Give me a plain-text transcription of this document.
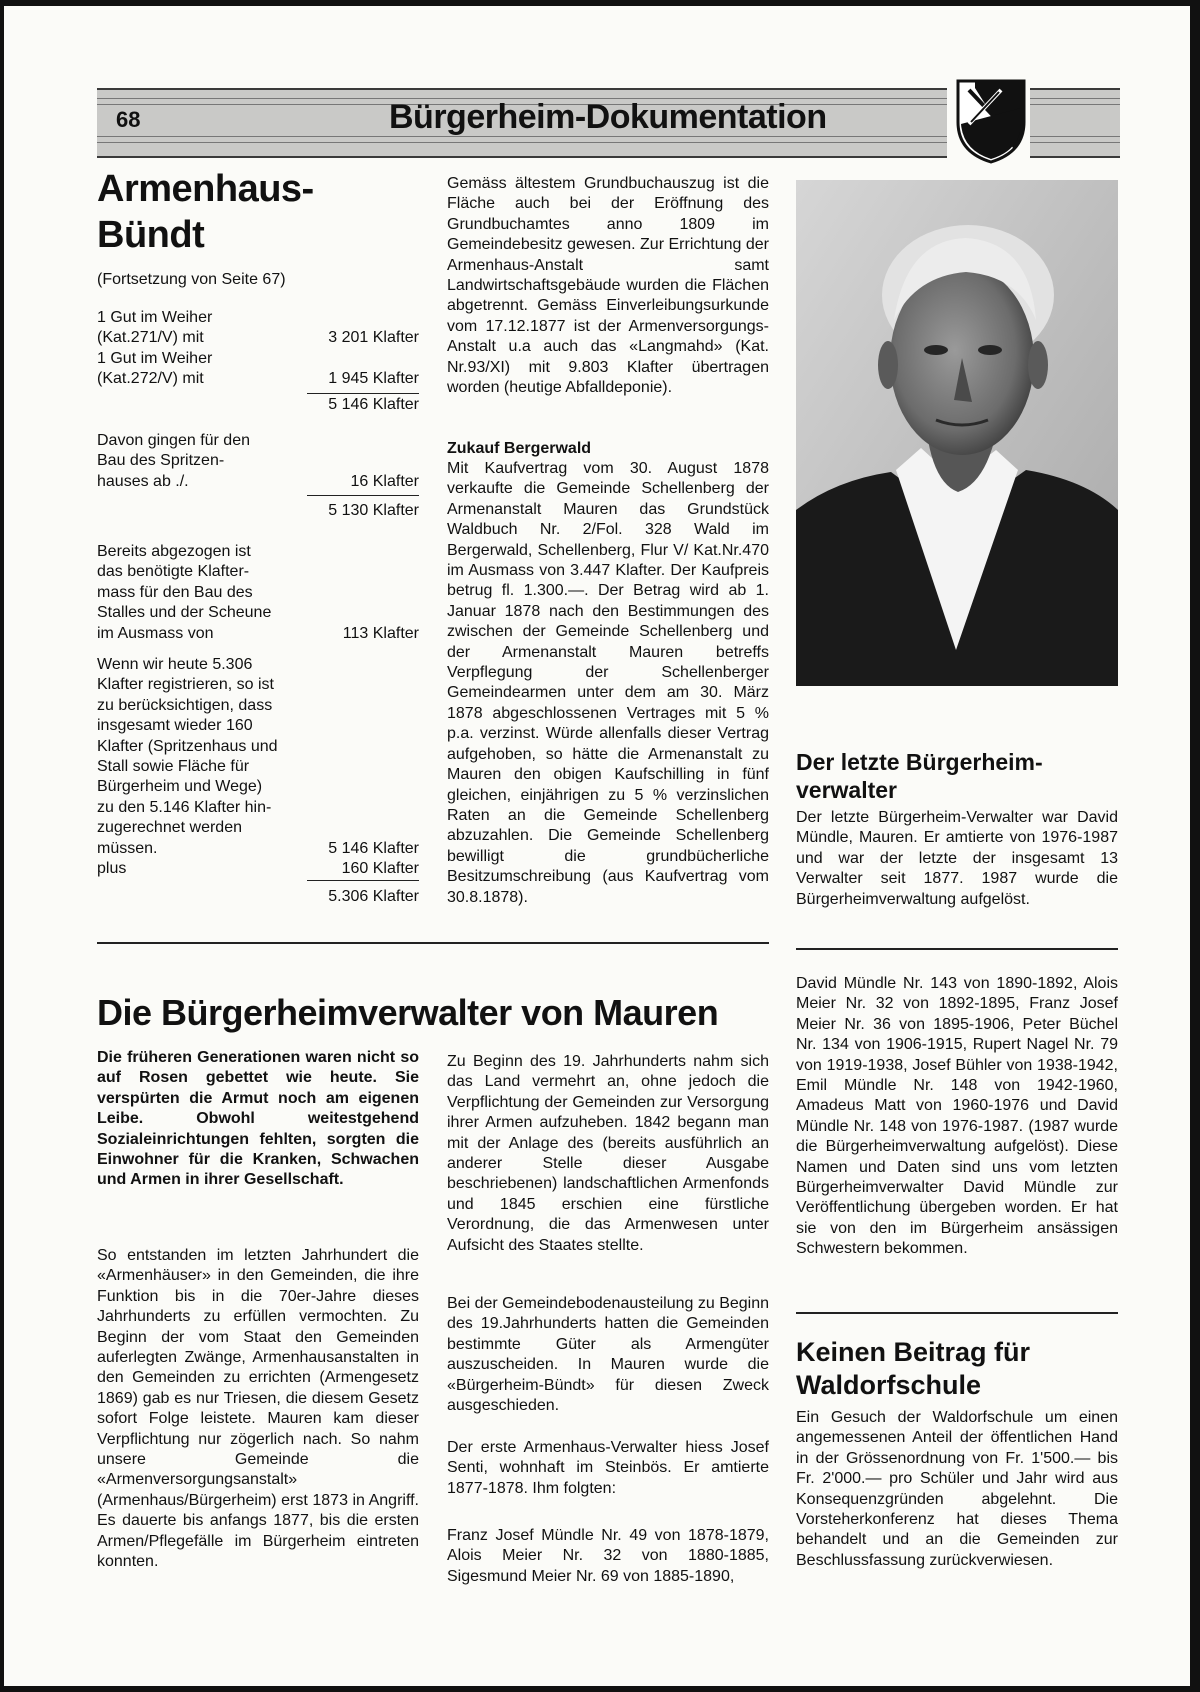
68	Bürgerheim-Dokumentation
Armenhaus-
Bündt
(Fortsetzung von Seite 67)
1 Gut im Weiher
(Kat.271/V) mit	3 201 Klafter
1 Gut im Weiher
(Kat.272/V) mit	1 945 Klafter
5 146 Klafter
Davon gingen für den
Bau des Spritzen-
hauses ab ./.	16 Klafter
5 130 Klafter
Bereits abgezogen ist
das benötigte Klafter-
mass für den Bau des
Stalles und der Scheune
im Ausmass von	113 Klafter
Wenn wir heute 5.306
Klafter registrieren, so ist
zu berücksichtigen, dass
insgesamt wieder 160
Klafter (Spritzenhaus und
Stall sowie Fläche für
Bürgerheim und Wege)
zu den 5.146 Klafter hin-
zugerechnet werden
müssen.	5 146 Klafter
plus	160 Klafter
5.306 Klafter
Gemäss ältestem Grundbuchauszug ist die Fläche auch bei der Eröffnung des Grundbuchamtes anno 1809 im Gemeindebesitz gewesen. Zur Errichtung der Armenhaus-Anstalt samt Landwirtschaftsgebäude wurden die Flächen abgetrennt. Gemäss Einverleibungsurkunde vom 17.12.1877 ist der Armenversorgungs-Anstalt u.a auch das «Langmahd» (Kat. Nr.93/XI) mit 9.803 Klafter übertragen worden (heutige Abfalldeponie).
Zukauf Bergerwald
Mit Kaufvertrag vom 30. August 1878 verkaufte die Gemeinde Schellenberg der Armenanstalt Mauren das Grundstück Waldbuch Nr. 2/Fol. 328 Wald im Bergerwald, Schellenberg, Flur V/ Kat.Nr.470 im Ausmass von 3.447 Klafter. Der Kaufpreis betrug fl. 1.300.—. Der Betrag wird ab 1. Januar 1878 nach den Bestimmungen des zwischen der Gemeinde Schellenberg und der Armenanstalt Mauren betreffs Verpflegung der Schellenberger Gemeindearmen unter dem am 30. März 1878 abgeschlossenen Vertrages mit 5 % p.a. verzinst. Würde allenfalls dieser Vertrag aufgehoben, so hätte die Armenanstalt zu Mauren den obigen Kaufschilling in fünf gleichen, einjährigen zu 5 % verzinslichen Raten an die Gemeinde Schellenberg abzuzahlen. Die Gemeinde Schellenberg bewilligt die grundbücherliche Besitzumschreibung (aus Kaufvertrag vom 30.8.1878).
Der letzte Bürgerheim-verwalter
Der letzte Bürgerheim-Verwalter war David Mündle, Mauren. Er amtierte von 1976-1987 und war der letzte der insgesamt 13 Verwalter seit 1877. 1987 wurde die Bürgerheimverwaltung aufgelöst.
Die Bürgerheimverwalter von Mauren
Die früheren Generationen waren nicht so auf Rosen gebettet wie heute. Sie verspürten die Armut noch am eigenen Leibe. Obwohl weitestgehend Sozialeinrichtungen fehlten, sorgten die Einwohner für die Kranken, Schwachen und Armen in ihrer Gesellschaft.
So entstanden im letzten Jahrhundert die «Armenhäuser» in den Gemeinden, die ihre Funktion bis in die 70er-Jahre dieses Jahrhunderts zu erfüllen vermochten. Zu Beginn der vom Staat den Gemeinden auferlegten Zwänge, Armenhausanstalten in den Gemeinden zu errichten (Armengesetz 1869) gab es nur Triesen, die diesem Gesetz sofort Folge leistete. Mauren kam dieser Verpflichtung nur zögerlich nach. So nahm unsere Gemeinde die «Armenversorgungsanstalt» (Armenhaus/Bürgerheim) erst 1873 in Angriff. Es dauerte bis anfangs 1877, bis die ersten Armen/Pflegefälle im Bürgerheim eintreten konnten.
Zu Beginn des 19. Jahrhunderts nahm sich das Land vermehrt an, ohne jedoch die Verpflichtung der Gemeinden zur Versorgung ihrer Armen aufzuheben. 1842 begann man mit der Anlage des (bereits ausführlich an anderer Stelle dieser Ausgabe beschriebenen) landschaftlichen Armenfonds und 1845 erschien eine fürstliche Verordnung, die das Armenwesen unter Aufsicht des Staates stellte.
Bei der Gemeindebodenausteilung zu Beginn des 19.Jahrhunderts hatten die Gemeinden bestimmte Güter als Armengüter auszuscheiden. In Mauren wurde die «Bürgerheim-Bündt» für diesen Zweck ausgeschieden.
Der erste Armenhaus-Verwalter hiess Josef Senti, wohnhaft im Steinbös. Er amtierte 1877-1878. Ihm folgten:
Franz Josef Mündle Nr. 49 von 1878-1879, Alois Meier Nr. 32 von 1880-1885, Sigesmund Meier Nr. 69 von 1885-1890,
David Mündle Nr. 143 von 1890-1892, Alois Meier Nr. 32 von 1892-1895, Franz Josef Meier Nr. 36 von 1895-1906, Peter Büchel Nr. 134 von 1906-1915, Rupert Nagel Nr. 79 von 1919-1938, Josef Bühler von 1938-1942, Emil Mündle Nr. 148 von 1942-1960, Amadeus Matt von 1960-1976 und David Mündle Nr. 148 von 1976-1987. (1987 wurde die Bürgerheimverwaltung aufgelöst). Diese Namen und Daten sind uns vom letzten Bürgerheimverwalter David Mündle zur Veröffentlichung übergeben worden. Er hat sie von den im Bürgerheim ansässigen Schwestern bekommen.
Keinen Beitrag für Waldorfschule
Ein Gesuch der Waldorfschule um einen angemessenen Anteil der öffentlichen Hand in der Grössenordnung von Fr. 1'500.— bis Fr. 2'000.— pro Schüler und Jahr wird aus Konsequenzgründen abgelehnt. Die Vorsteherkonferenz hat dieses Thema behandelt und an die Gemeinden zur Beschlussfassung zurückverwiesen.
